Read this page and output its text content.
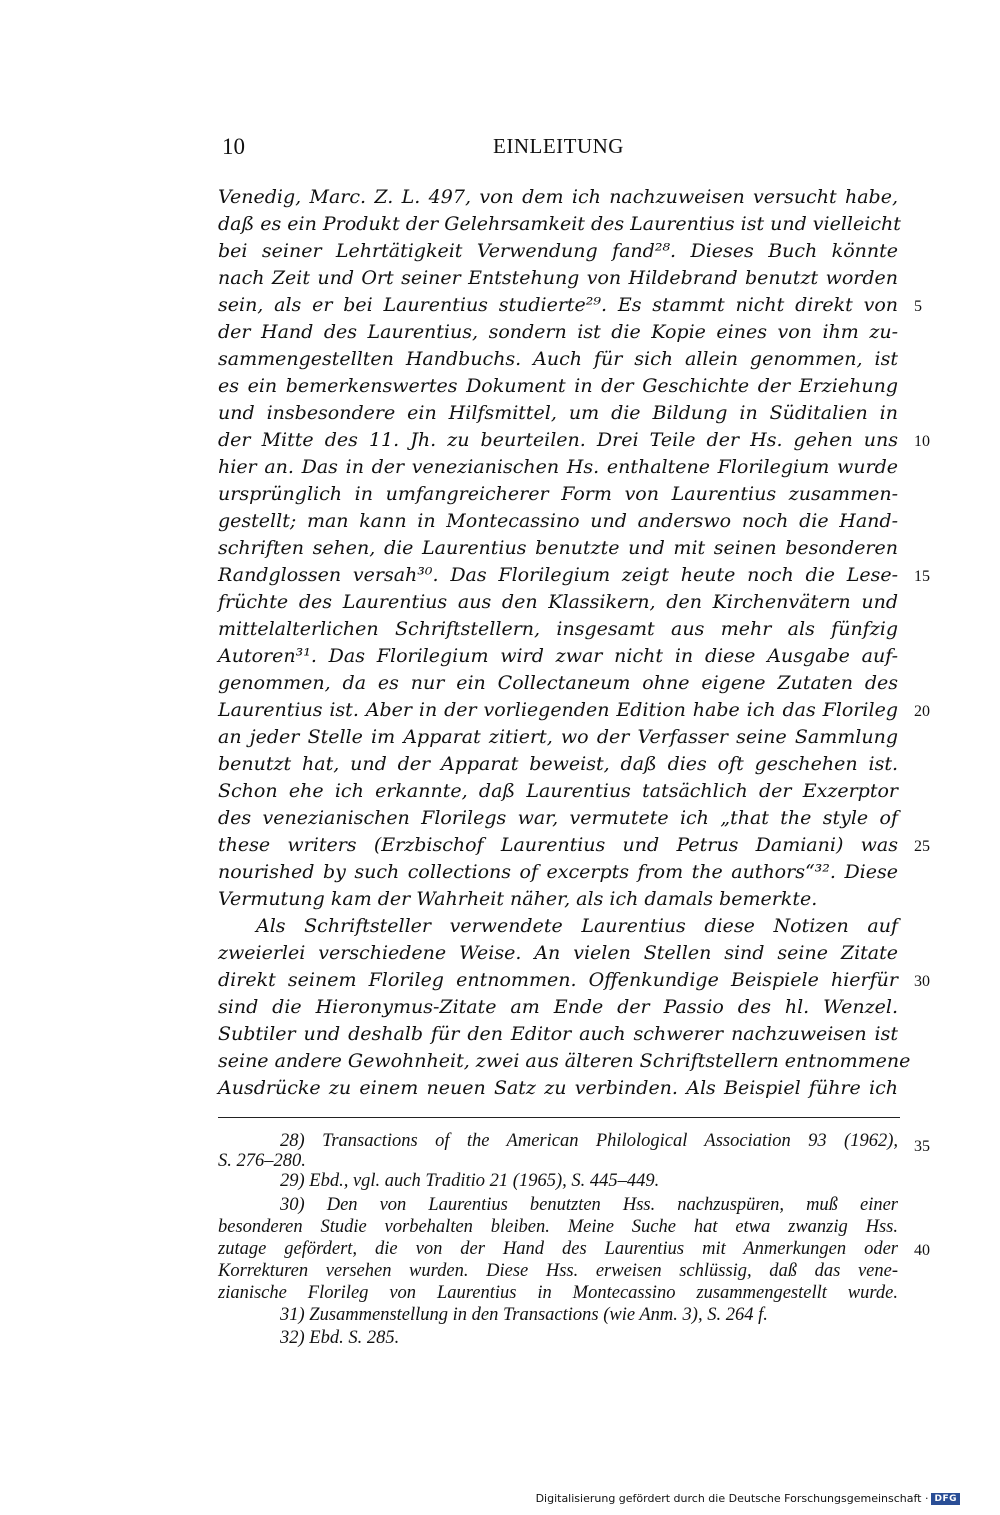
10	EINLEITUNG
Venedig, Marc. Z. L. 497, von dem ich nachzuweisen versucht habe,
daß es ein Produkt der Gelehrsamkeit des Laurentius ist und vielleicht
bei seiner Lehrtätigkeit Verwendung fand²⁸. Dieses Buch könnte
nach Zeit und Ort seiner Entstehung von Hildebrand benutzt worden
sein, als er bei Laurentius studierte²⁹. Es stammt nicht direkt von
der Hand des Laurentius, sondern ist die Kopie eines von ihm zu-
sammengestellten Handbuchs. Auch für sich allein genommen, ist
es ein bemerkenswertes Dokument in der Geschichte der Erziehung
und insbesondere ein Hilfsmittel, um die Bildung in Süditalien in
der Mitte des 11. Jh. zu beurteilen. Drei Teile der Hs. gehen uns
hier an. Das in der venezianischen Hs. enthaltene Florilegium wurde
ursprünglich in umfangreicherer Form von Laurentius zusammen-
gestellt; man kann in Montecassino und anderswo noch die Hand-
schriften sehen, die Laurentius benutzte und mit seinen besonderen
Randglossen versah³⁰. Das Florilegium zeigt heute noch die Lese-
früchte des Laurentius aus den Klassikern, den Kirchenvätern und
mittelalterlichen Schriftstellern, insgesamt aus mehr als fünfzig
Autoren³¹. Das Florilegium wird zwar nicht in diese Ausgabe auf-
genommen, da es nur ein Collectaneum ohne eigene Zutaten des
Laurentius ist. Aber in der vorliegenden Edition habe ich das Florileg
an jeder Stelle im Apparat zitiert, wo der Verfasser seine Sammlung
benutzt hat, und der Apparat beweist, daß dies oft geschehen ist.
Schon ehe ich erkannte, daß Laurentius tatsächlich der Exzerptor
des venezianischen Florilegs war, vermutete ich „that the style of
these writers (Erzbischof Laurentius und Petrus Damiani) was
nourished by such collections of excerpts from the authors“³². Diese
Vermutung kam der Wahrheit näher, als ich damals bemerkte.
Als Schriftsteller verwendete Laurentius diese Notizen auf
zweierlei verschiedene Weise. An vielen Stellen sind seine Zitate
direkt seinem Florileg entnommen. Offenkundige Beispiele hierfür
sind die Hieronymus-Zitate am Ende der Passio des hl. Wenzel.
Subtiler und deshalb für den Editor auch schwerer nachzuweisen ist
seine andere Gewohnheit, zwei aus älteren Schriftstellern entnommene
Ausdrücke zu einem neuen Satz zu verbinden. Als Beispiel führe ich
5
10
15
20
25
30
35
40
28) Transactions of the American Philological Association 93 (1962),
S. 276–280.
29) Ebd., vgl. auch Traditio 21 (1965), S. 445–449.
30) Den von Laurentius benutzten Hss. nachzuspüren, muß einer
besonderen Studie vorbehalten bleiben. Meine Suche hat etwa zwanzig Hss.
zutage gefördert, die von der Hand des Laurentius mit Anmerkungen oder
Korrekturen versehen wurden. Diese Hss. erweisen schlüssig, daß das vene-
zianische Florileg von Laurentius in Montecassino zusammengestellt wurde.
31) Zusammenstellung in den Transactions (wie Anm. 3), S. 264 f.
32) Ebd. S. 285.
Digitalisierung gefördert durch die Deutsche Forschungsgemeinschaft · DFG
